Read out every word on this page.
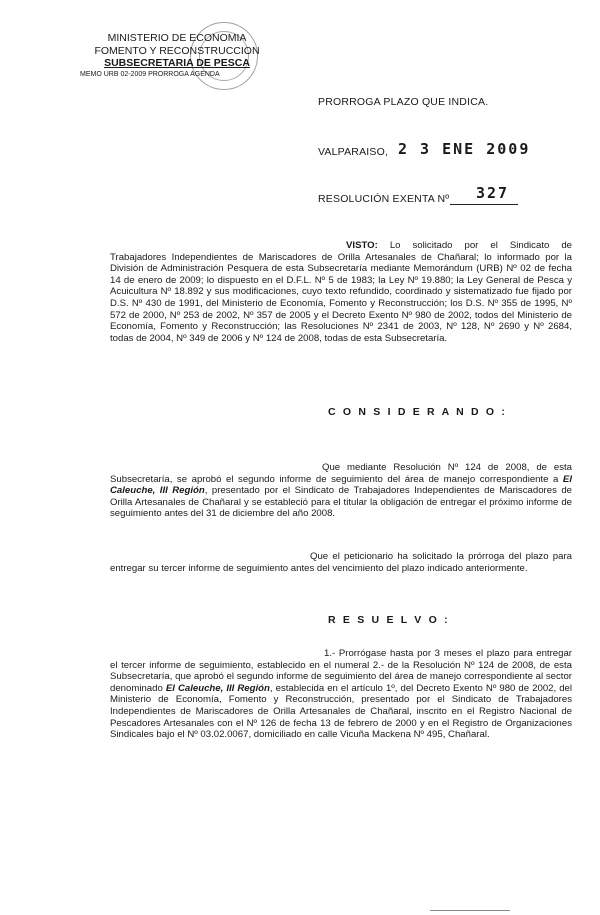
MINISTERIO DE ECONOMIA
FOMENTO Y RECONSTRUCCION
SUBSECRETARIA DE PESCA
MEMO URB 02-2009 PRORROGA AGENDA
PRORROGA PLAZO QUE INDICA.
VALPARAISO, 2 3 ENE 2009
RESOLUCIÓN EXENTA Nº 327
VISTO: Lo solicitado por el Sindicato de Trabajadores Independientes de Mariscadores de Orilla Artesanales de Chañaral; lo informado por la División de Administración Pesquera de esta Subsecretaría mediante Memorándum (URB) Nº 02 de fecha 14 de enero de 2009; lo dispuesto en el D.F.L. Nº 5 de 1983; la Ley Nº 19.880; la Ley General de Pesca y Acuicultura Nº 18.892 y sus modificaciones, cuyo texto refundido, coordinado y sistematizado fue fijado por D.S. Nº 430 de 1991, del Ministerio de Economía, Fomento y Reconstrucción; los D.S. Nº 355 de 1995, Nº 572 de 2000, Nº 253 de 2002, Nº 357 de 2005 y el Decreto Exento Nº 980 de 2002, todos del Ministerio de Economía, Fomento y Reconstrucción; las Resoluciones Nº 2341 de 2003, Nº 128, Nº 2690 y Nº 2684, todas de 2004, Nº 349 de 2006 y Nº 124 de 2008, todas de esta Subsecretaría.
C O N S I D E R A N D O :
Que mediante Resolución Nº 124 de 2008, de esta Subsecretaría, se aprobó el segundo informe de seguimiento del área de manejo correspondiente a El Caleuche, III Región, presentado por el Sindicato de Trabajadores Independientes de Mariscadores de Orilla Artesanales de Chañaral y se estableció para el titular la obligación de entregar el próximo informe de seguimiento antes del 31 de diciembre del año 2008.
Que el peticionario ha solicitado la prórroga del plazo para entregar su tercer informe de seguimiento antes del vencimiento del plazo indicado anteriormente.
R E S U E L V O :
1.- Prorrógase hasta por 3 meses el plazo para entregar el tercer informe de seguimiento, establecido en el numeral 2.- de la Resolución Nº 124 de 2008, de esta Subsecretaría, que aprobó el segundo informe de seguimiento del área de manejo correspondiente al sector denominado El Caleuche, III Región, establecida en el artículo 1º, del Decreto Exento Nº 980 de 2002, del Ministerio de Economía, Fomento y Reconstrucción, presentado por el Sindicato de Trabajadores Independientes de Mariscadores de Orilla Artesanales de Chañaral, inscrito en el Registro Nacional de Pescadores Artesanales con el Nº 126 de fecha 13 de febrero de 2000 y en el Registro de Organizaciones Sindicales bajo el Nº 03.02.0067, domiciliado en calle Vicuña Mackena Nº 495, Chañaral.
